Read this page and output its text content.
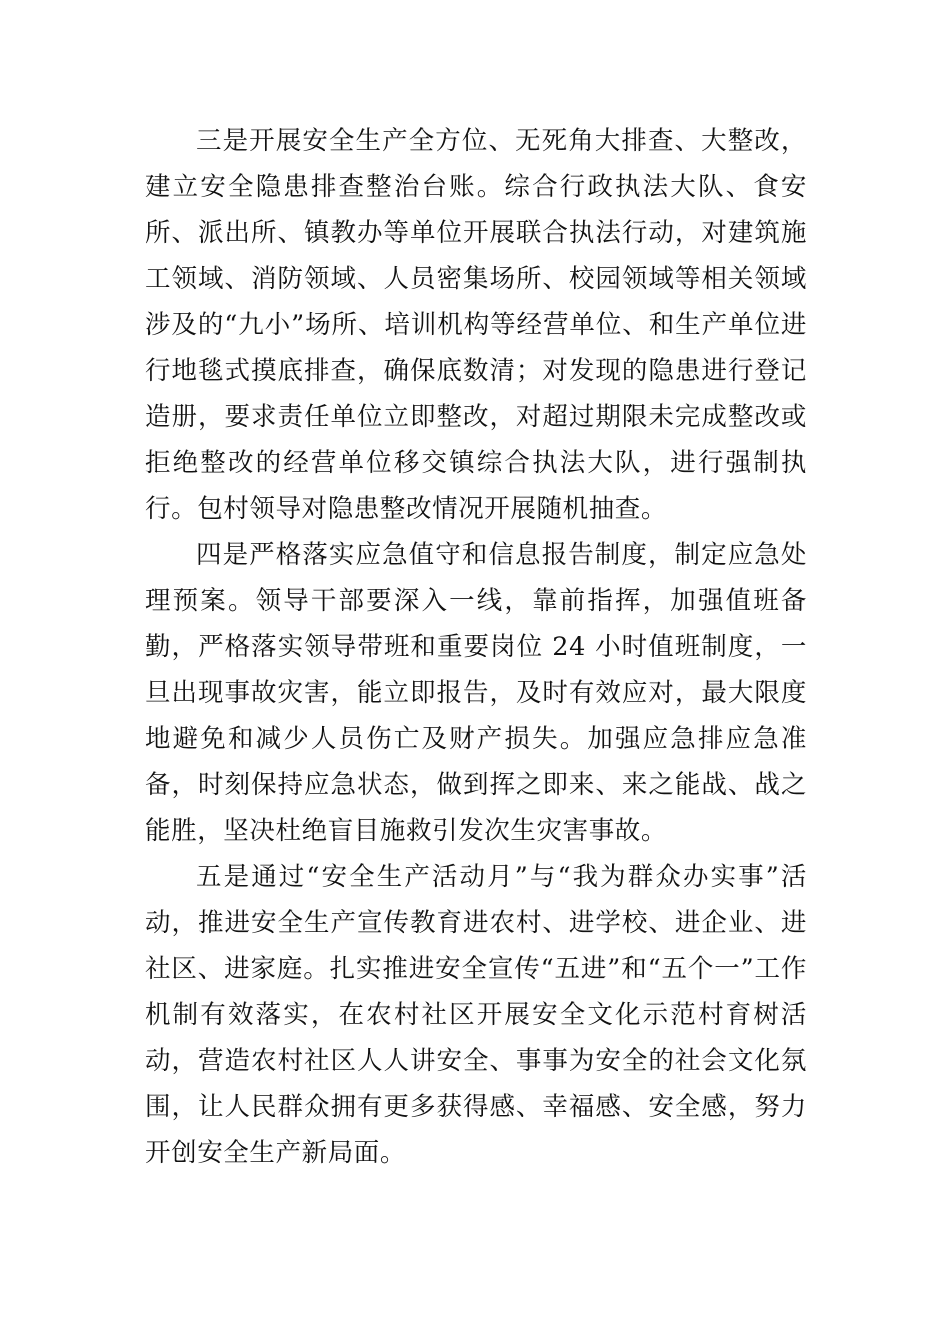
三是开展安全生产全方位、无死角大排查、大整改，建立安全隐患排查整治台账。综合行政执法大队、食安所、派出所、镇教办等单位开展联合执法行动，对建筑施工领域、消防领域、人员密集场所、校园领域等相关领域涉及的“九小”场所、培训机构等经营单位、和生产单位进行地毯式摸底排查，确保底数清；对发现的隐患进行登记造册，要求责任单位立即整改，对超过期限未完成整改或拒绝整改的经营单位移交镇综合执法大队，进行强制执行。包村领导对隐患整改情况开展随机抽查。

四是严格落实应急值守和信息报告制度，制定应急处理预案。领导干部要深入一线，靠前指挥，加强值班备勤，严格落实领导带班和重要岗位 24 小时值班制度，一旦出现事故灾害，能立即报告，及时有效应对，最大限度地避免和减少人员伤亡及财产损失。加强应急排应急准备，时刻保持应急状态，做到挥之即来、来之能战、战之能胜，坚决杜绝盲目施救引发次生灾害事故。

五是通过“安全生产活动月”与“我为群众办实事”活动，推进安全生产宣传教育进农村、进学校、进企业、进社区、进家庭。扎实推进安全宣传“五进”和“五个一”工作机制有效落实，在农村社区开展安全文化示范村育树活动，营造农村社区人人讲安全、事事为安全的社会文化氛围，让人民群众拥有更多获得感、幸福感、安全感，努力开创安全生产新局面。
